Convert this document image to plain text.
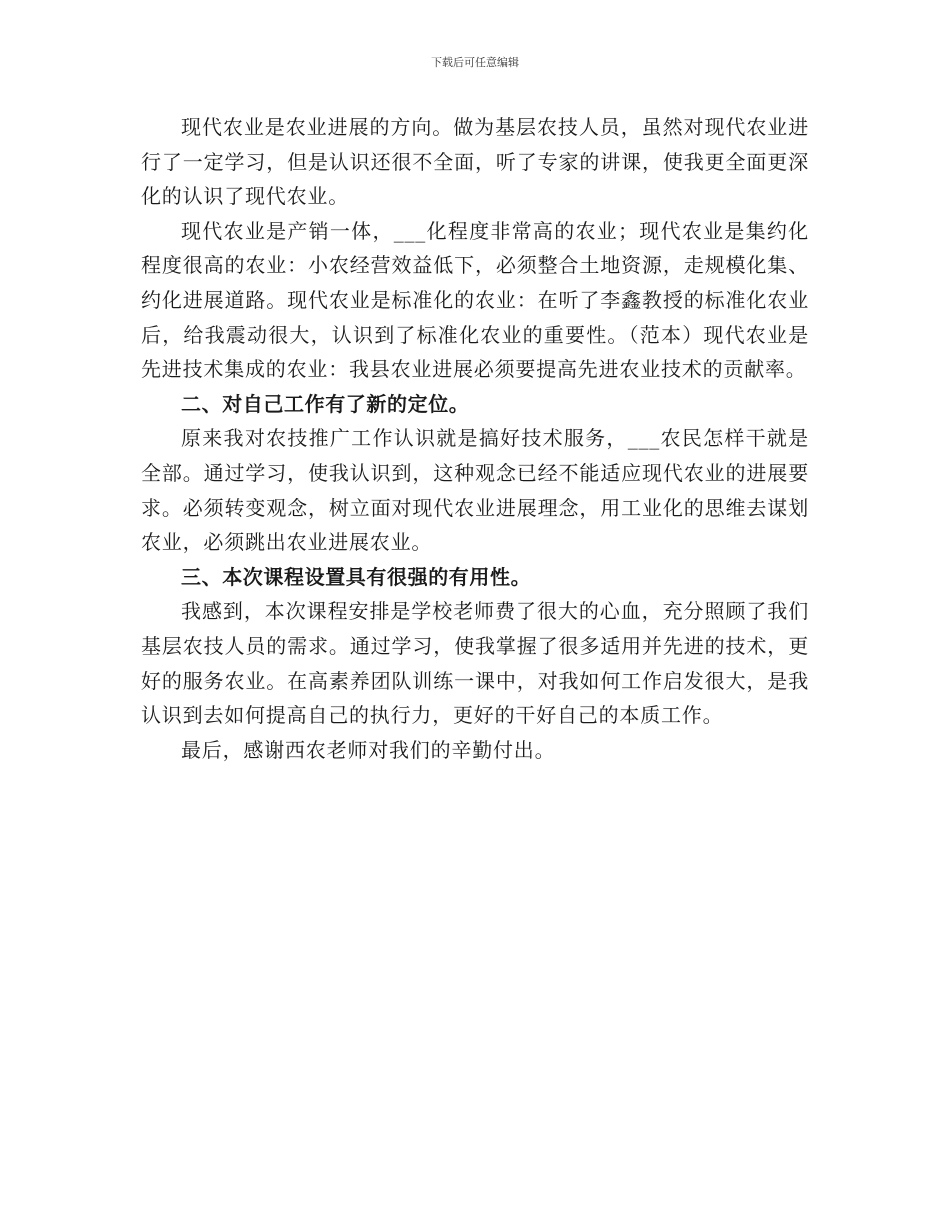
下载后可任意编辑

现代农业是农业进展的方向。做为基层农技人员，虽然对现代农业进行了一定学习，但是认识还很不全面，听了专家的讲课，使我更全面更深化的认识了现代农业。

现代农业是产销一体，___化程度非常高的农业；现代农业是集约化程度很高的农业：小农经营效益低下，必须整合土地资源，走规模化集、约化进展道路。现代农业是标准化的农业：在听了李鑫教授的标准化农业后，给我震动很大，认识到了标准化农业的重要性。（范本）现代农业是先进技术集成的农业：我县农业进展必须要提高先进农业技术的贡献率。

二、对自己工作有了新的定位。

原来我对农技推广工作认识就是搞好技术服务，___农民怎样干就是全部。通过学习，使我认识到，这种观念已经不能适应现代农业的进展要求。必须转变观念，树立面对现代农业进展理念，用工业化的思维去谋划农业，必须跳出农业进展农业。

三、本次课程设置具有很强的有用性。

我感到，本次课程安排是学校老师费了很大的心血，充分照顾了我们基层农技人员的需求。通过学习，使我掌握了很多适用并先进的技术，更好的服务农业。在高素养团队训练一课中，对我如何工作启发很大，是我认识到去如何提高自己的执行力，更好的干好自己的本质工作。

最后，感谢西农老师对我们的辛勤付出。
